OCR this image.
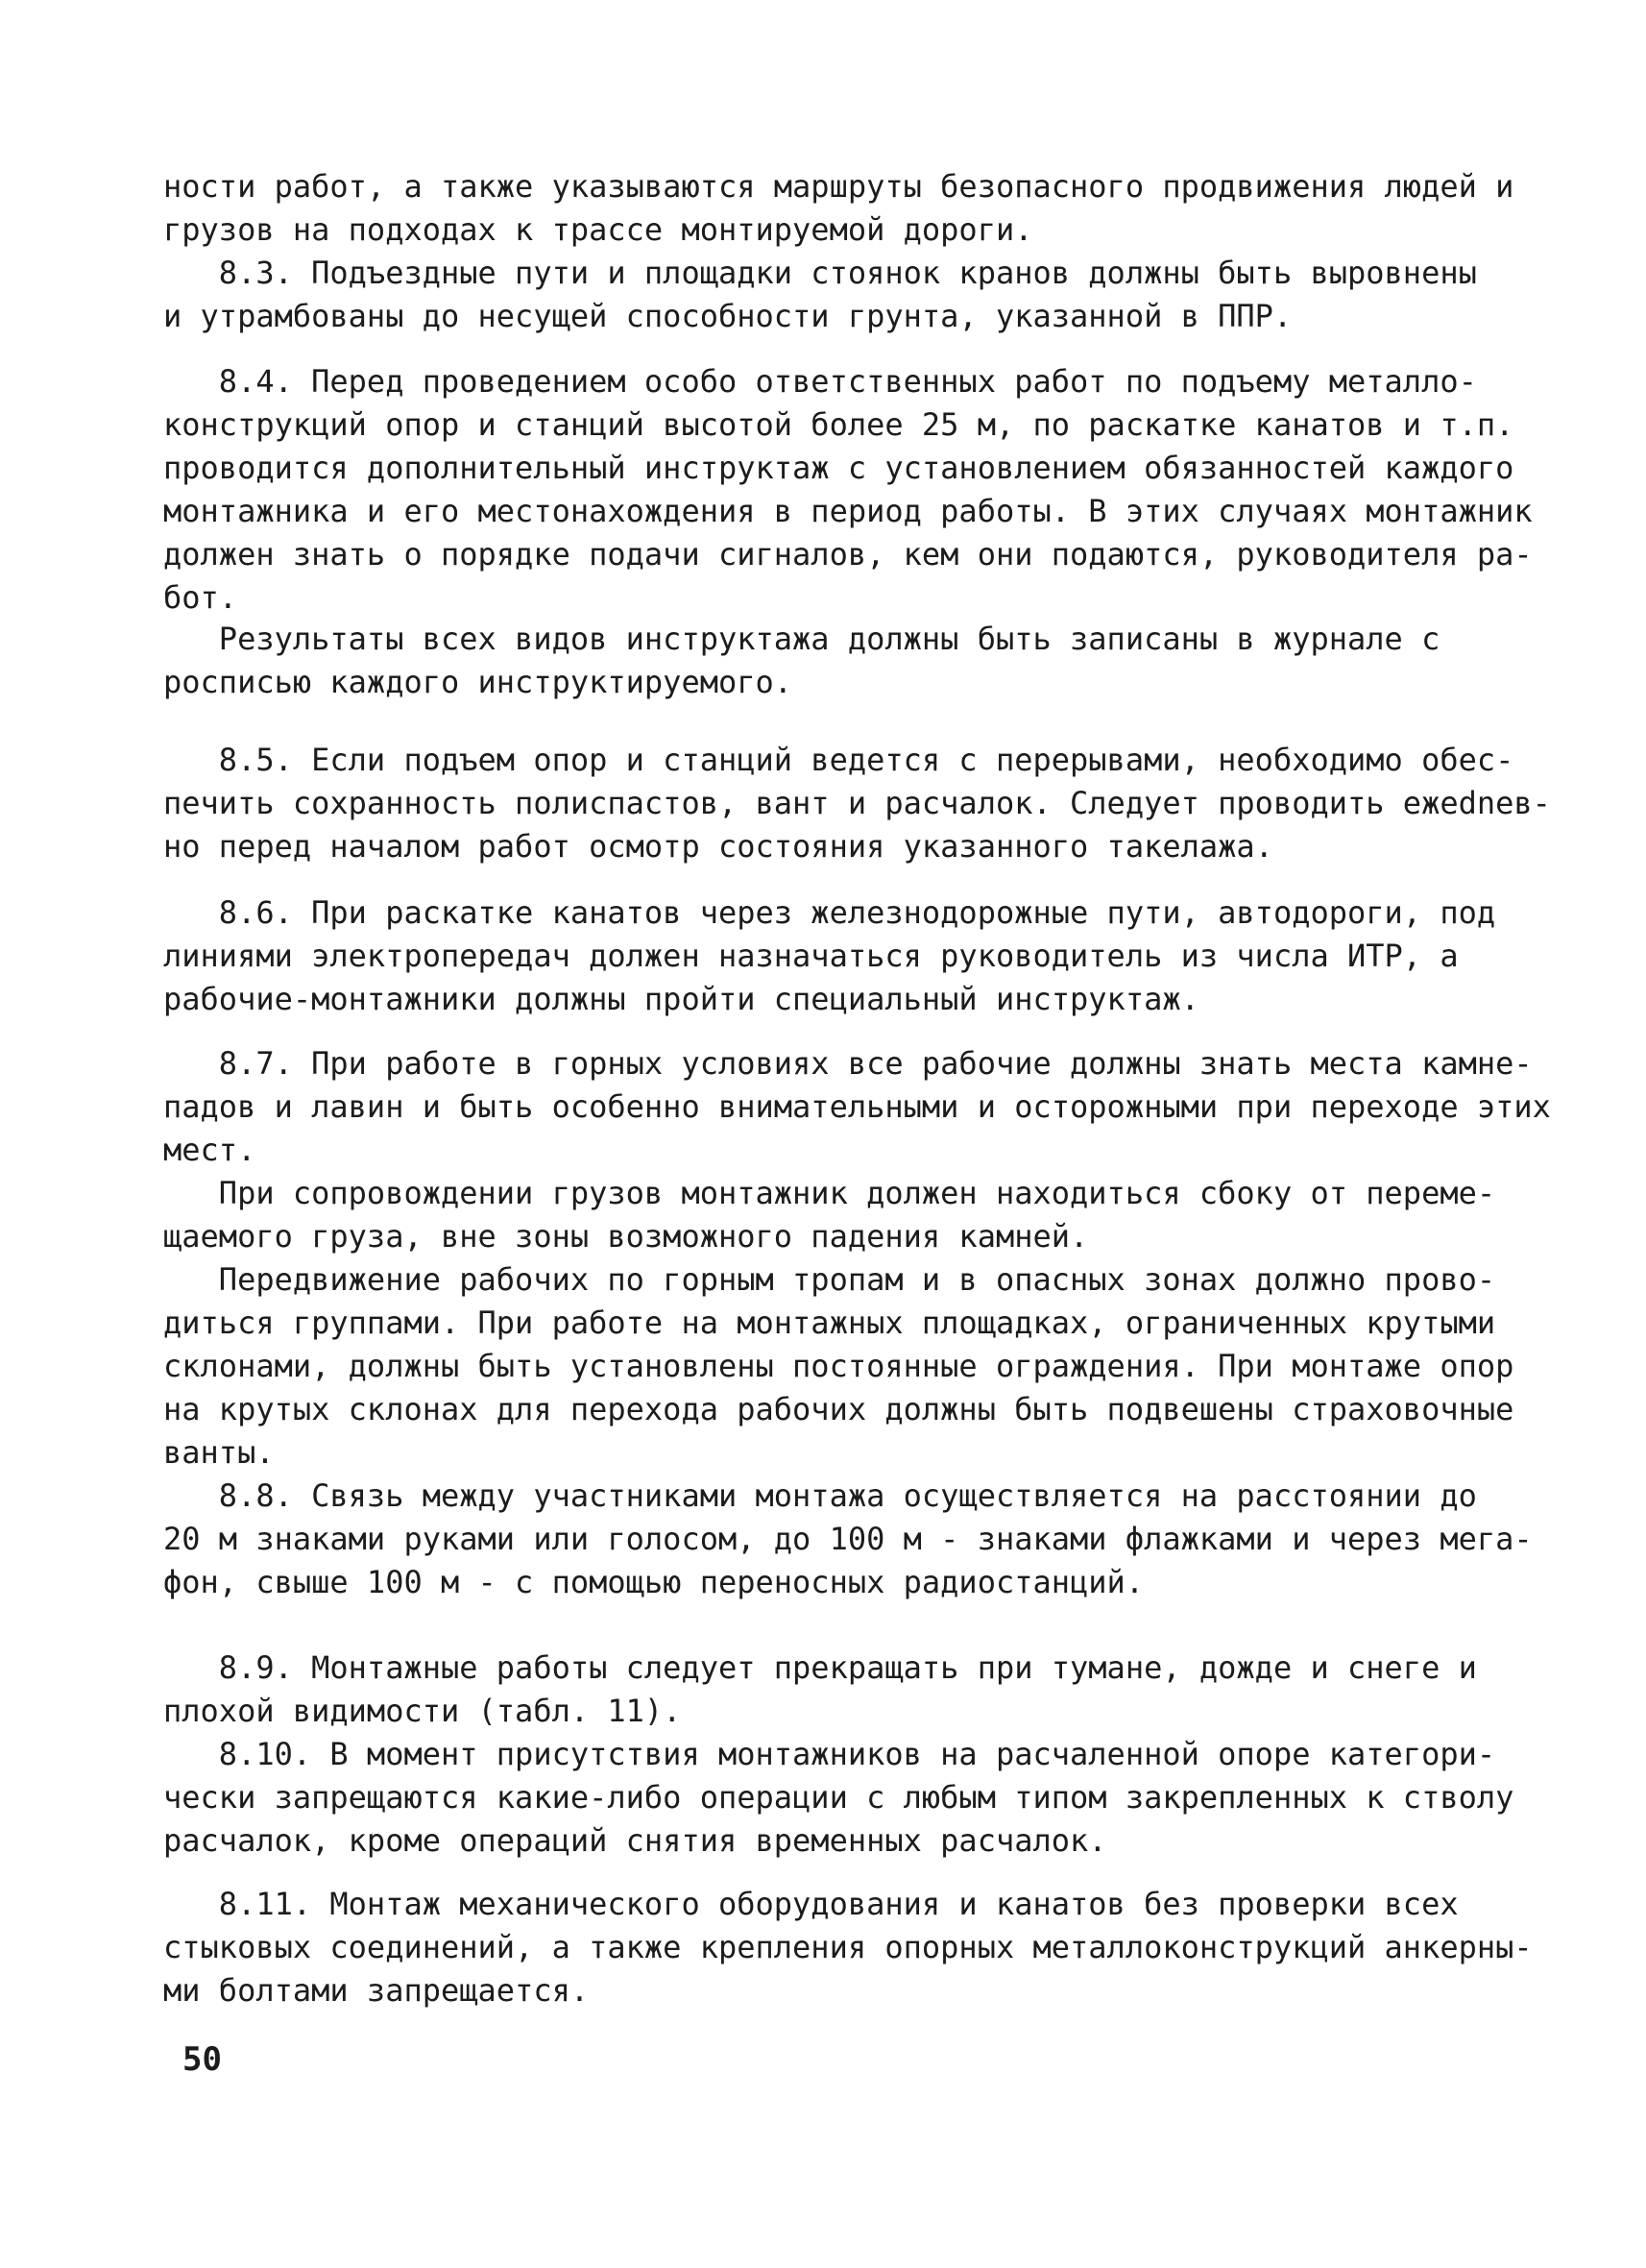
ности работ, а также указываются маршруты безопасного продвижения людей и
грузов на подходах к трассе монтируемой дороги.

8.3. Подъездные пути и площадки стоянок кранов должны быть выровнены
и утрамбованы до несущей способности грунта, указанной в ППР.

8.4. Перед проведением особо ответственных работ по подъему металло-
конструкций опор и станций высотой более 25 м, по раскатке канатов и т.п.
проводится дополнительный инструктаж с установлением обязанностей каждого
монтажника и его местонахождения в период работы. В этих случаях монтажник
должен знать о порядке подачи сигналов, кем они подаются, руководителя ра-
бот.

Результаты всех видов инструктажа должны быть записаны в журнале с
росписью каждого инструктируемого.

8.5. Если подъем опор и станций ведется с перерывами, необходимо обес-
печить сохранность полиспастов, вант и расчалок. Следует проводить ежednев-
но перед началом работ осмотр состояния указанного такелажа.

8.6. При раскатке канатов через железнодорожные пути, автодороги, под
линиями электропередач должен назначаться руководитель из числа ИТР, а
рабочие-монтажники должны пройти специальный инструктаж.

8.7. При работе в горных условиях все рабочие должны знать места камне-
падов и лавин и быть особенно внимательными и осторожными при переходе этих
мест.

При сопровождении грузов монтажник должен находиться сбоку от переме-
щаемого груза, вне зоны возможного падения камней.

Передвижение рабочих по горным тропам и в опасных зонах должно прово-
диться группами. При работе на монтажных площадках, ограниченных крутыми
склонами, должны быть установлены постоянные ограждения. При монтаже опор
на крутых склонах для перехода рабочих должны быть подвешены страховочные
ванты.

8.8. Связь между участниками монтажа осуществляется на расстоянии до
20 м знаками руками или голосом, до 100 м - знаками флажками и через мега-
фон, свыше 100 м - с помощью переносных радиостанций.

8.9. Монтажные работы следует прекращать при тумане, дожде и снеге и
плохой видимости (табл. 11).

8.10. В момент присутствия монтажников на расчаленной опоре категори-
чески запрещаются какие-либо операции с любым типом закрепленных к стволу
расчалок, кроме операций снятия временных расчалок.

8.11. Монтаж механического оборудования и канатов без проверки всех
стыковых соединений, а также крепления опорных металлоконструкций анкерны-
ми болтами запрещается.

50
